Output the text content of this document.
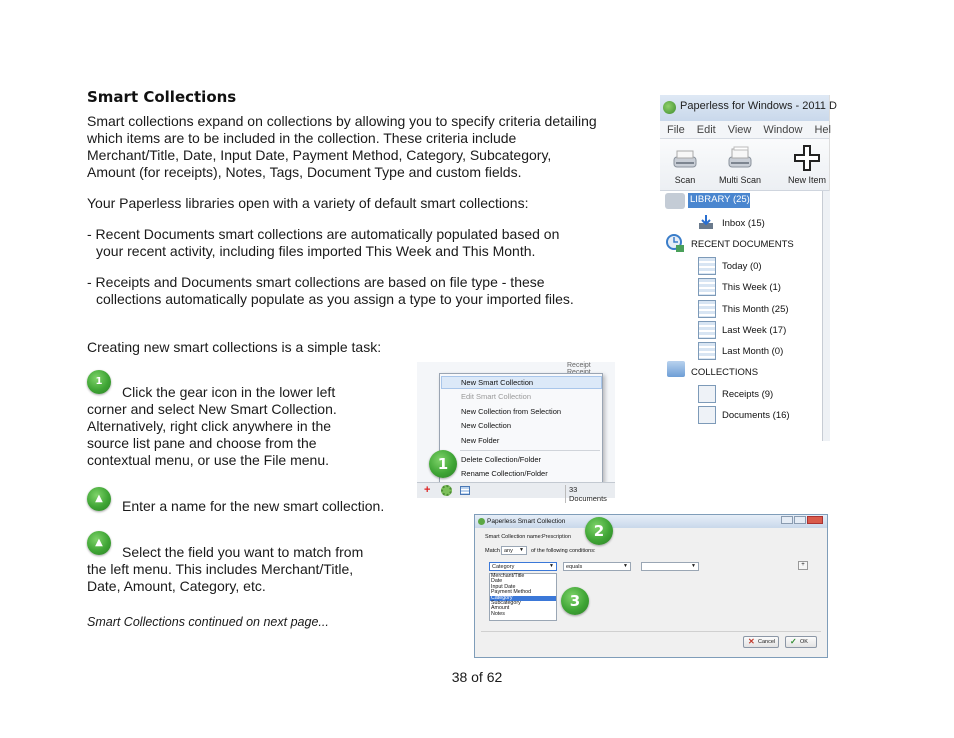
Smart Collections
Smart collections expand on collections by allowing you to specify criteria detailing which items are to be included in the collection. These criteria include Merchant/Title, Date, Input Date, Payment Method, Category, Subcategory, Amount (for receipts), Notes, Tags, Document Type and custom fields.
Your Paperless libraries open with a variety of default smart collections:
- Recent Documents smart collections are automatically populated based on your recent activity, including files imported This Week and This Month.
- Receipts and Documents smart collections are based on file type - these collections automatically populate as you assign a type to your imported files.
Creating new smart collections is a simple task:
1
Click the gear icon in the lower left corner and select New Smart Collection. Alternatively, right click anywhere in the source list pane and choose from the contextual menu, or use the File menu.
▲	Enter a name for the new smart collection.
▲
Select the field you want to match from the left menu. This includes Merchant/Title, Date, Amount, Category, etc.
Smart Collections continued on next page...
38 of 62
Paperless for Windows - 2011 D
File Edit View Window Hel
Scan	Multi Scan	New Item
LIBRARY (25)
Inbox (15)
RECENT DOCUMENTS
Today (0)
This Week (1)
This Month (25)
Last Week (17)
Last Month (0)
COLLECTIONS
Receipts (9)
Documents (16)
Receipt
New Smart Collection
Edit Smart Collection
New Collection from Selection
New Collection
New Folder
Delete Collection/Folder
Rename Collection/Folder
1
+	33 Documents
Paperless Smart Collection
Smart Collection name: Prescription
Match any ▼ of the following conditions:
Category	▼	equals	▼	▼	+
Merchant/Title
Date
Input Date
Payment Method
Category
Subcategory
Amount
Notes
2
3
✕ Cancel	✓ OK
